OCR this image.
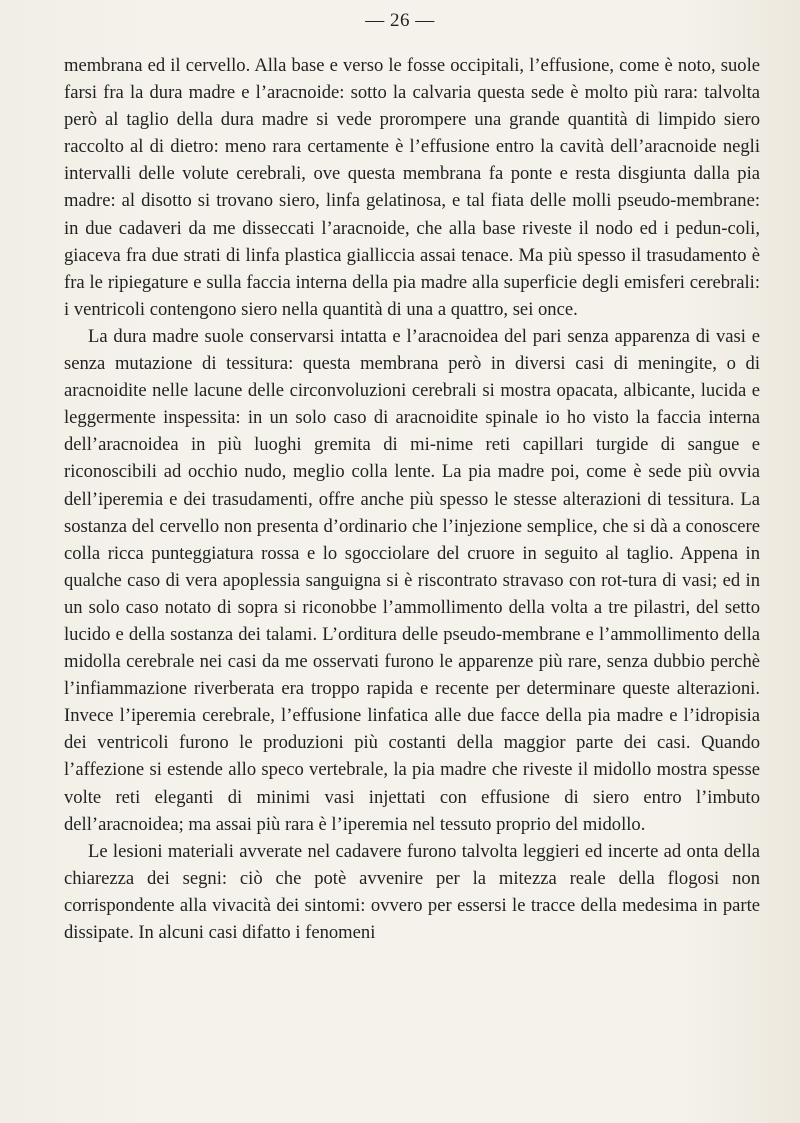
— 26 —

membrana ed il cervello. Alla base e verso le fosse occipitali, l’effusione, come è noto, suole farsi fra la dura madre e l’aracnoide: sotto la calvaria questa sede è molto più rara: talvolta però al taglio della dura madre si vede prorompere una grande quantità di limpido siero raccolto al di dietro: meno rara certamente è l’effusione entro la cavità dell’aracnoide negli intervalli delle volute cerebrali, ove questa membrana fa ponte e resta disgiunta dalla pia madre: al disotto si trovano siero, linfa gelatinosa, e tal fiata delle molli pseudo-membrane: in due cadaveri da me disseccati l’aracnoide, che alla base riveste il nodo ed i pedun-coli, giaceva fra due strati di linfa plastica gialliccia assai tenace. Ma più spesso il trasudamento è fra le ripiegature e sulla faccia interna della pia madre alla superficie degli emisferi cerebrali: i ventricoli contengono siero nella quantità di una a quattro, sei once.

La dura madre suole conservarsi intatta e l’aracnoidea del pari senza apparenza di vasi e senza mutazione di tessitura: questa membrana però in diversi casi di meningite, o di aracnoidite nelle lacune delle circonvoluzioni cerebrali si mostra opacata, albicante, lucida e leggermente inspessita: in un solo caso di aracnoidite spinale io ho visto la faccia interna dell’aracnoidea in più luoghi gremita di mi-nime reti capillari turgide di sangue e riconoscibili ad occhio nudo, meglio colla lente. La pia madre poi, come è sede più ovvia dell’iperemia e dei trasudamenti, offre anche più spesso le stesse alterazioni di tessitura. La sostanza del cervello non presenta d’ordinario che l’injezione semplice, che si dà a conoscere colla ricca punteggiatura rossa e lo sgocciolare del cruore in seguito al taglio. Appena in qualche caso di vera apoplessia sanguigna si è riscontrato stravaso con rot-tura di vasi; ed in un solo caso notato di sopra si riconobbe l’ammollimento della volta a tre pilastri, del setto lucido e della sostanza dei talami. L’orditura delle pseudo-membrane e l’ammollimento della midolla cerebrale nei casi da me osservati furono le apparenze più rare, senza dubbio perchè l’infiammazione riverberata era troppo rapida e recente per determinare queste alterazioni. Invece l’iperemia cerebrale, l’effusione linfatica alle due facce della pia madre e l’idropisia dei ventricoli furono le produzioni più costanti della maggior parte dei casi. Quando l’affezione si estende allo speco vertebrale, la pia madre che riveste il midollo mostra spesse volte reti eleganti di minimi vasi injettati con effusione di siero entro l’imbuto dell’aracnoidea; ma assai più rara è l’iperemia nel tessuto proprio del midollo.

Le lesioni materiali avverate nel cadavere furono talvolta leggieri ed incerte ad onta della chiarezza dei segni: ciò che potè avvenire per la mitezza reale della flogosi non corrispondente alla vivacità dei sintomi: ovvero per essersi le tracce della medesima in parte dissipate. In alcuni casi difatto i fenomeni
